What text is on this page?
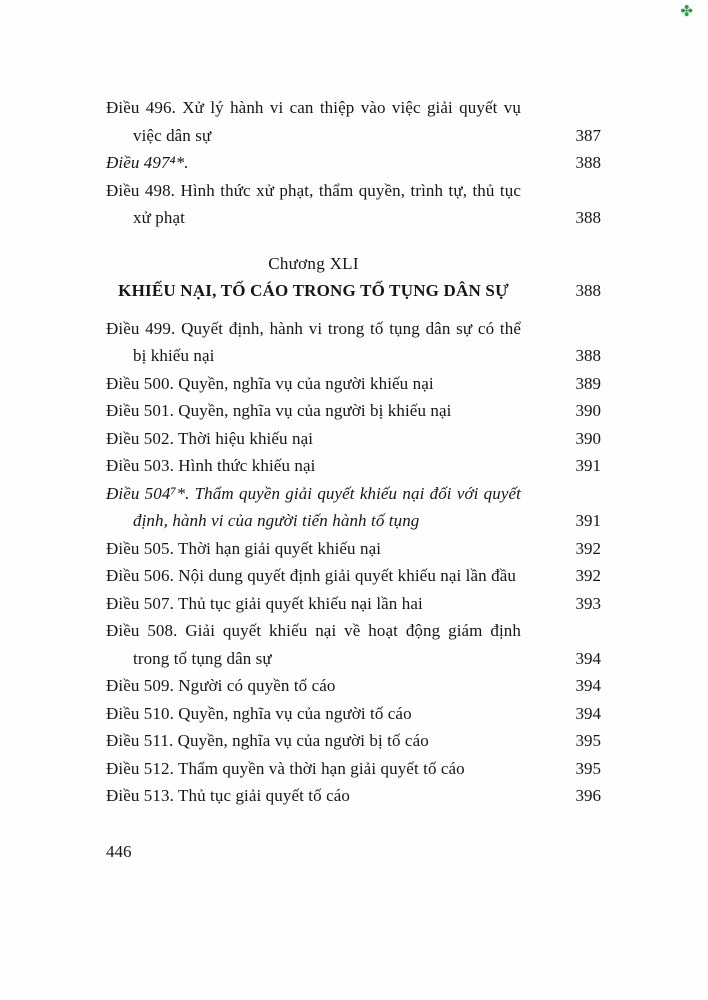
✤
Điều 496. Xử lý hành vi can thiệp vào việc giải quyết vụ việc dân sự	387
Điều 497⁴*.	388
Điều 498. Hình thức xử phạt, thẩm quyền, trình tự, thủ tục xử phạt	388
Chương XLI
KHIẾU NẠI, TỐ CÁO TRONG TỐ TỤNG DÂN SỰ	388
Điều 499. Quyết định, hành vi trong tố tụng dân sự có thể bị khiếu nại	388
Điều 500. Quyền, nghĩa vụ của người khiếu nại	389
Điều 501. Quyền, nghĩa vụ của người bị khiếu nại	390
Điều 502. Thời hiệu khiếu nại	390
Điều 503. Hình thức khiếu nại	391
Điều 504⁷*. Thẩm quyền giải quyết khiếu nại đối với quyết định, hành vi của người tiến hành tố tụng	391
Điều 505. Thời hạn giải quyết khiếu nại	392
Điều 506. Nội dung quyết định giải quyết khiếu nại lần đầu	392
Điều 507. Thủ tục giải quyết khiếu nại lần hai	393
Điều 508. Giải quyết khiếu nại về hoạt động giám định trong tố tụng dân sự	394
Điều 509. Người có quyền tố cáo	394
Điều 510. Quyền, nghĩa vụ của người tố cáo	394
Điều 511. Quyền, nghĩa vụ của người bị tố cáo	395
Điều 512. Thẩm quyền và thời hạn giải quyết tố cáo	395
Điều 513. Thủ tục giải quyết tố cáo	396
446
